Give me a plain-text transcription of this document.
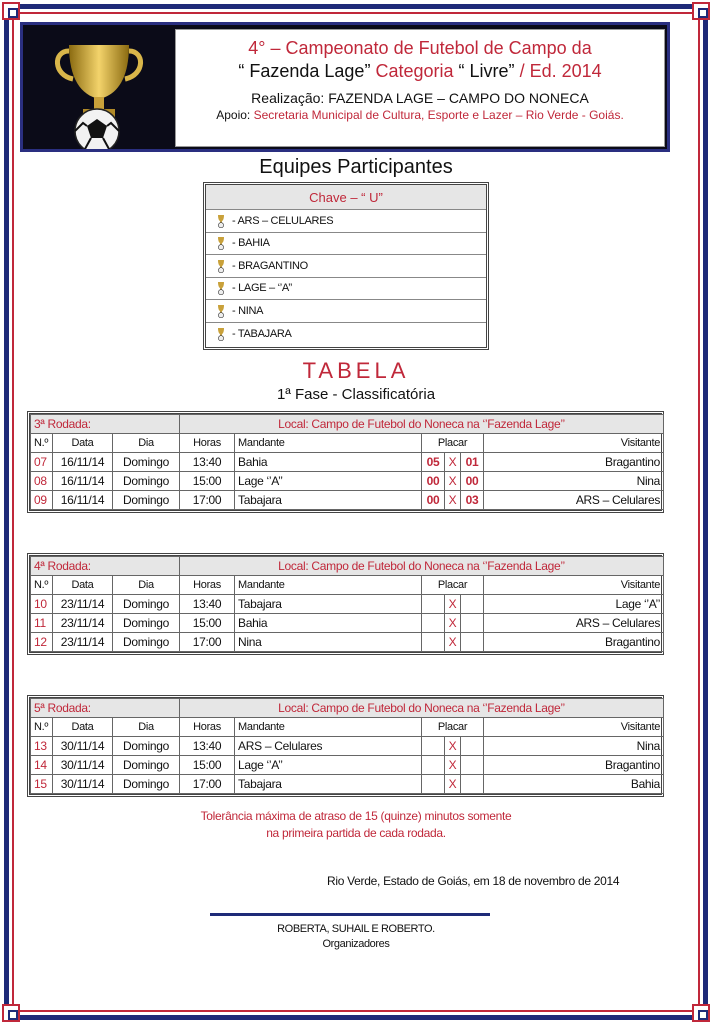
4° – Campeonato de Futebol de Campo da
“ Fazenda Lage” Categoria “ Livre” / Ed. 2014
Realização: FAZENDA LAGE – CAMPO DO NONECA
Apoio: Secretaria Municipal de Cultura, Esporte e Lazer – Rio Verde - Goiás.
Equipes Participantes
Chave – “ U”
- ARS – CELULARES
- BAHIA
- BRAGANTINO
- LAGE – ‘’A’’
- NINA
- TABAJARA
TABELA
1ª Fase - Classificatória
3ª Rodada:			Local: Campo de Futebol do Noneca na ‘’Fazenda Lage’’					
N.º	Data	Dia	Horas	Mandante	Placar			Visitante
07	16/11/14	Domingo	13:40	Bahia	05	X	01	Bragantino
08	16/11/14	Domingo	15:00	Lage ‘’A’’	00	X	00	Nina
09	16/11/14	Domingo	17:00	Tabajara	00	X	03	ARS – Celulares
4ª Rodada:			Local: Campo de Futebol do Noneca na ‘’Fazenda Lage’’					
N.º	Data	Dia	Horas	Mandante	Placar			Visitante
10	23/11/14	Domingo	13:40	Tabajara		X		Lage ‘’A’’
11	23/11/14	Domingo	15:00	Bahia		X		ARS – Celulares
12	23/11/14	Domingo	17:00	Nina		X		Bragantino
5ª Rodada:			Local: Campo de Futebol do Noneca na ‘’Fazenda Lage’’					
N.º	Data	Dia	Horas	Mandante	Placar			Visitante
13	30/11/14	Domingo	13:40	ARS – Celulares		X		Nina
14	30/11/14	Domingo	15:00	Lage ‘’A’’		X		Bragantino
15	30/11/14	Domingo	17:00	Tabajara		X		Bahia
Tolerância máxima de atraso de 15 (quinze) minutos somente
na primeira partida de cada rodada.
Rio Verde, Estado de Goiás, em 18 de novembro de 2014
ROBERTA, SUHAIL E ROBERTO.
Organizadores
